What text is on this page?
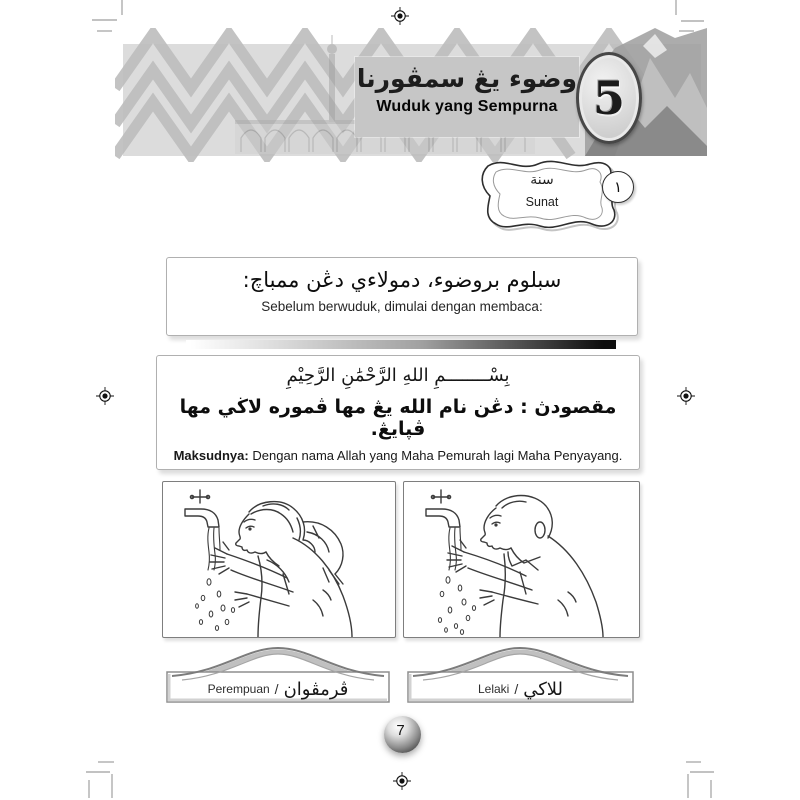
وضوء يڠ سمڤورنا
Wuduk yang Sempurna 5
سنة
Sunat
١
سبلوم بروضوء، دمولاءي دڠن ممباچ:
Sebelum berwuduk, dimulai dengan membaca:
بِسْــــــــمِ اللهِ الرَّحْمَٰنِ الرَّحِيْمِ
مقصودڽ : دڠن نام الله يڠ مها ڤموره لاڬي مها ڤڽايڠ.
Maksudnya: Dengan nama Allah yang Maha Pemurah lagi Maha Penyayang.
Perempuan / ڤرمڤوان	Lelaki / للاكي
7
